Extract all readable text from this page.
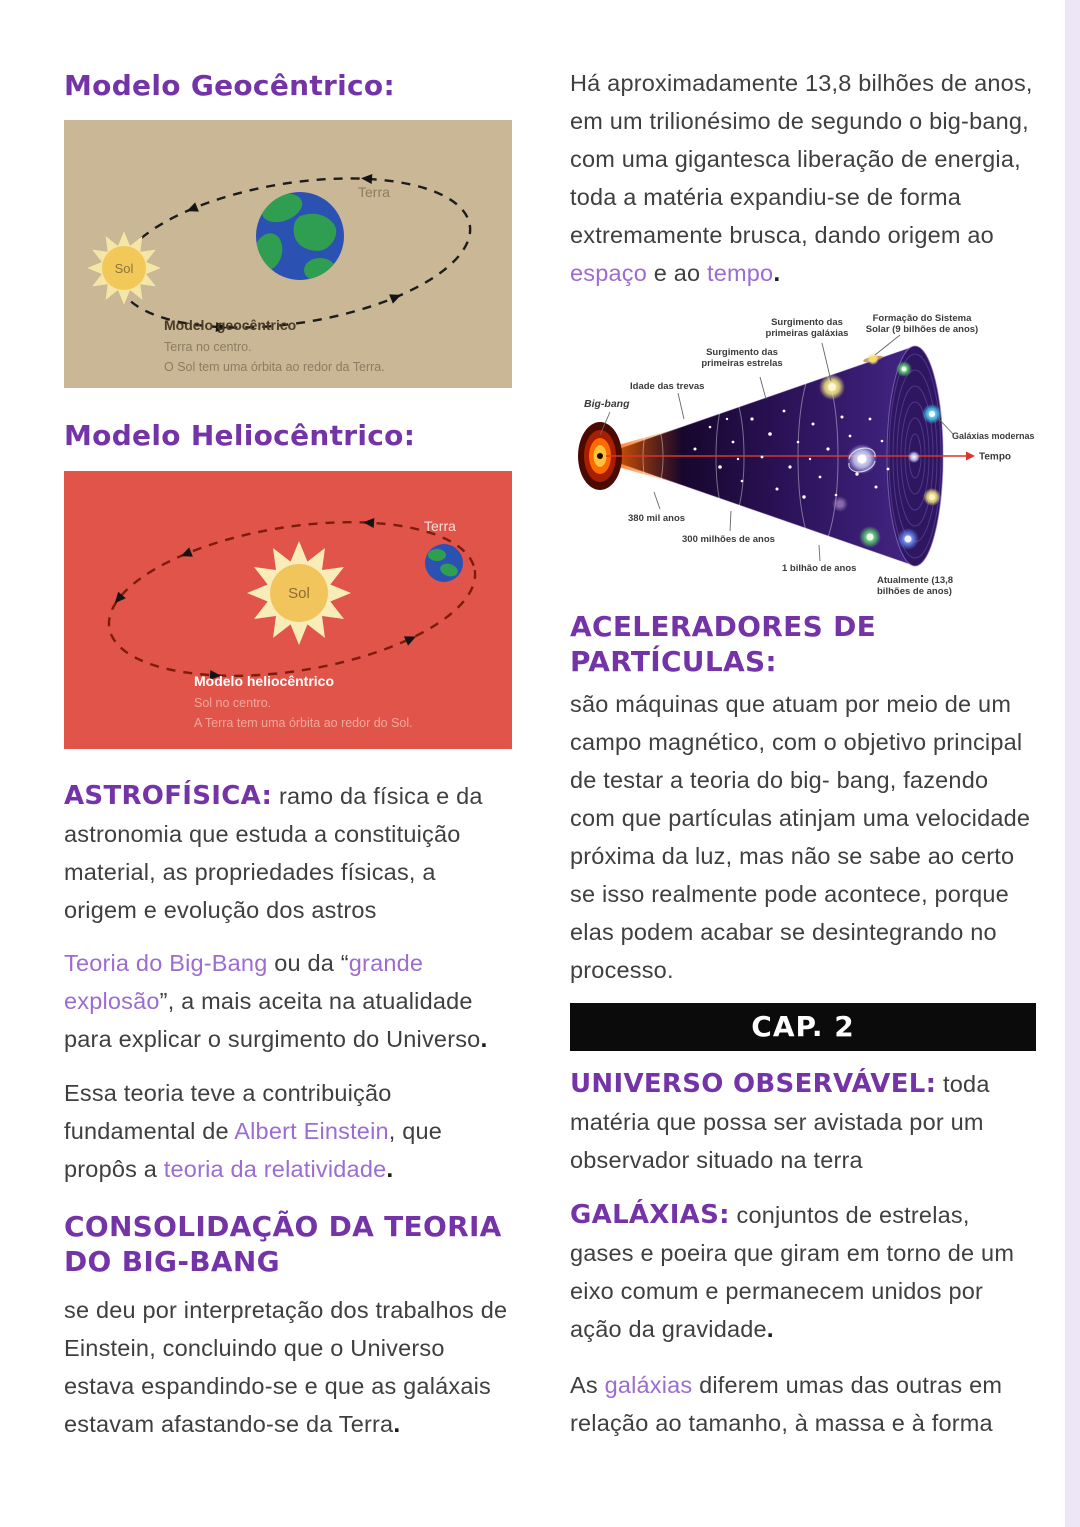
Modelo Geocêntrico:
Sol
Terra
Modelo geocêntrico
Terra no centro.
O Sol tem uma órbita ao redor da Terra.
Modelo Heliocêntrico:
Sol
Terra
Modelo heliocêntrico
Sol no centro.
A Terra tem uma órbita ao redor do Sol.

ASTROFÍSICA: ramo da física e da astronomia que estuda a constituição material, as propriedades físicas, a origem e evolução dos astros

Teoria do Big-Bang ou da “grande explosão”, a mais aceita na atualidade para explicar o surgimento do Universo.

Essa teoria teve a contribuição fundamental de Albert Einstein, que propôs a teoria da relatividade.

CONSOLIDAÇÃO DA TEORIA DO BIG-BANG

se deu por interpretação dos trabalhos de Einstein, concluindo que o Universo estava espandindo-se e que as galáxais estavam afastando-se da Terra.

Há aproximadamente 13,8 bilhões de anos, em um trilionésimo de segundo o big-bang, com uma gigantesca liberação de energia, toda a matéria expandiu-se de forma extremamente brusca, dando origem ao espaço e ao tempo.

Big-bang
Idade das trevas
Surgimento das
primeiras estrelas
Surgimento das
primeiras galáxias
Formação do Sistema
Solar (9 bilhões de anos)
Galáxias modernas
Tempo
380 mil anos
300 milhões de anos
1 bilhão de anos
Atualmente (13,8
bilhões de anos)
ACELERADORES DE PARTÍCULAS:

são máquinas que atuam por meio de um campo magnético, com o objetivo principal de testar a teoria do big- bang, fazendo com que partículas atinjam uma velocidade próxima da luz, mas não se sabe ao certo se isso realmente pode acontece, porque elas podem acabar se desintegrando no processo.

CAP. 2

UNIVERSO OBSERVÁVEL: toda matéria que possa ser avistada por um observador situado na terra

GALÁXIAS: conjuntos de estrelas, gases e poeira que giram em torno de um eixo comum e permanecem unidos por ação da gravidade.

As galáxias diferem umas das outras em relação ao tamanho, à massa e à forma
